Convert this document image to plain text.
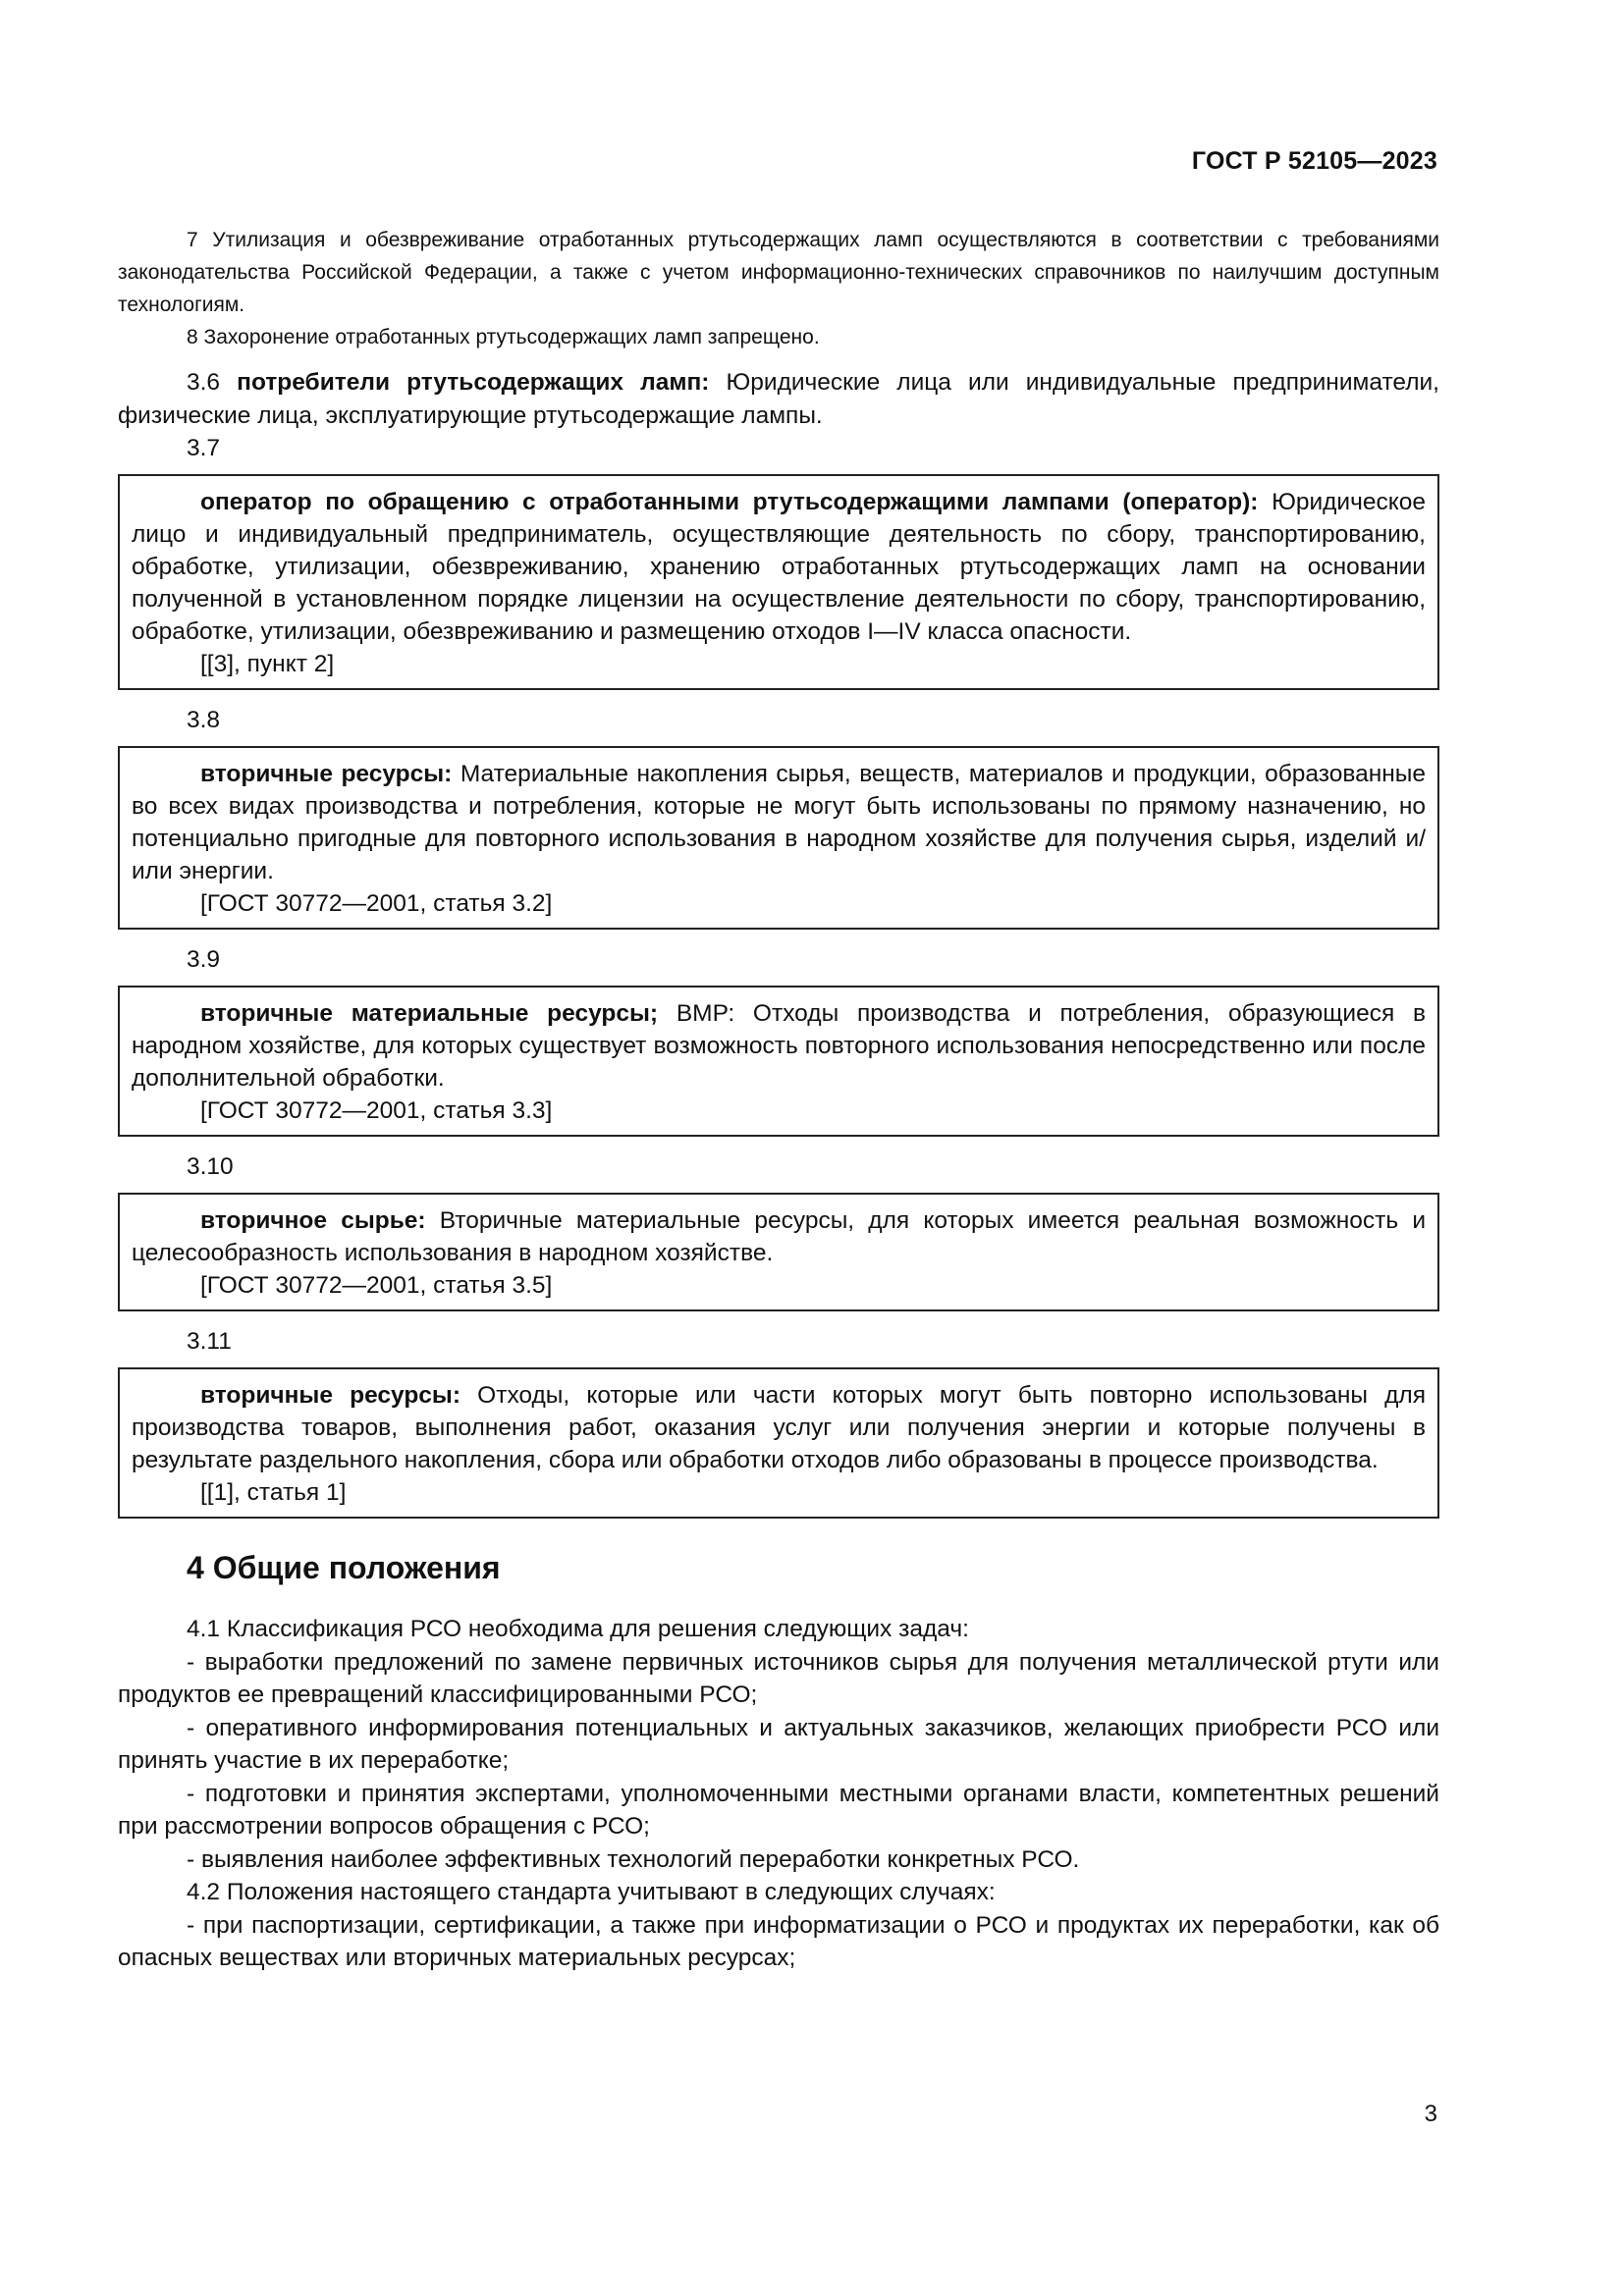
ГОСТ Р 52105—2023

7 Утилизация и обезвреживание отработанных ртутьсодержащих ламп осуществляются в соответствии с требованиями законодательства Российской Федерации, а также с учетом информационно-технических справочников по наилучшим доступным технологиям.

8 Захоронение отработанных ртутьсодержащих ламп запрещено.

3.6 потребители ртутьсодержащих ламп: Юридические лица или индивидуальные предприниматели, физические лица, эксплуатирующие ртутьсодержащие лампы.

3.7

оператор по обращению с отработанными ртутьсодержащими лампами (оператор): Юридическое лицо и индивидуальный предприниматель, осуществляющие деятельность по сбору, транспортированию, обработке, утилизации, обезвреживанию, хранению отработанных ртутьсодержащих ламп на основании полученной в установленном порядке лицензии на осуществление деятельности по сбору, транспортированию, обработке, утилизации, обезвреживанию и размещению отходов I—IV класса опасности.

[[3], пункт 2]

3.8

вторичные ресурсы: Материальные накопления сырья, веществ, материалов и продукции, образованные во всех видах производства и потребления, которые не могут быть использованы по прямому назначению, но потенциально пригодные для повторного использования в народном хозяйстве для получения сырья, изделий и/или энергии.

[ГОСТ 30772—2001, статья 3.2]

3.9

вторичные материальные ресурсы; ВМР: Отходы производства и потребления, образующиеся в народном хозяйстве, для которых существует возможность повторного использования непосредственно или после дополнительной обработки.

[ГОСТ 30772—2001, статья 3.3]

3.10

вторичное сырье: Вторичные материальные ресурсы, для которых имеется реальная возможность и целесообразность использования в народном хозяйстве.

[ГОСТ 30772—2001, статья 3.5]

3.11

вторичные ресурсы: Отходы, которые или части которых могут быть повторно использованы для производства товаров, выполнения работ, оказания услуг или получения энергии и которые получены в результате раздельного накопления, сбора или обработки отходов либо образованы в процессе производства.

[[1], статья 1]

4 Общие положения

4.1 Классификация РСО необходима для решения следующих задач:

- выработки предложений по замене первичных источников сырья для получения металлической ртути или продуктов ее превращений классифицированными РСО;

- оперативного информирования потенциальных и актуальных заказчиков, желающих приобрести РСО или принять участие в их переработке;

- подготовки и принятия экспертами, уполномоченными местными органами власти, компетентных решений при рассмотрении вопросов обращения с РСО;

- выявления наиболее эффективных технологий переработки конкретных РСО.

4.2 Положения настоящего стандарта учитывают в следующих случаях:

- при паспортизации, сертификации, а также при информатизации о РСО и продуктах их переработки, как об опасных веществах или вторичных материальных ресурсах;

3
